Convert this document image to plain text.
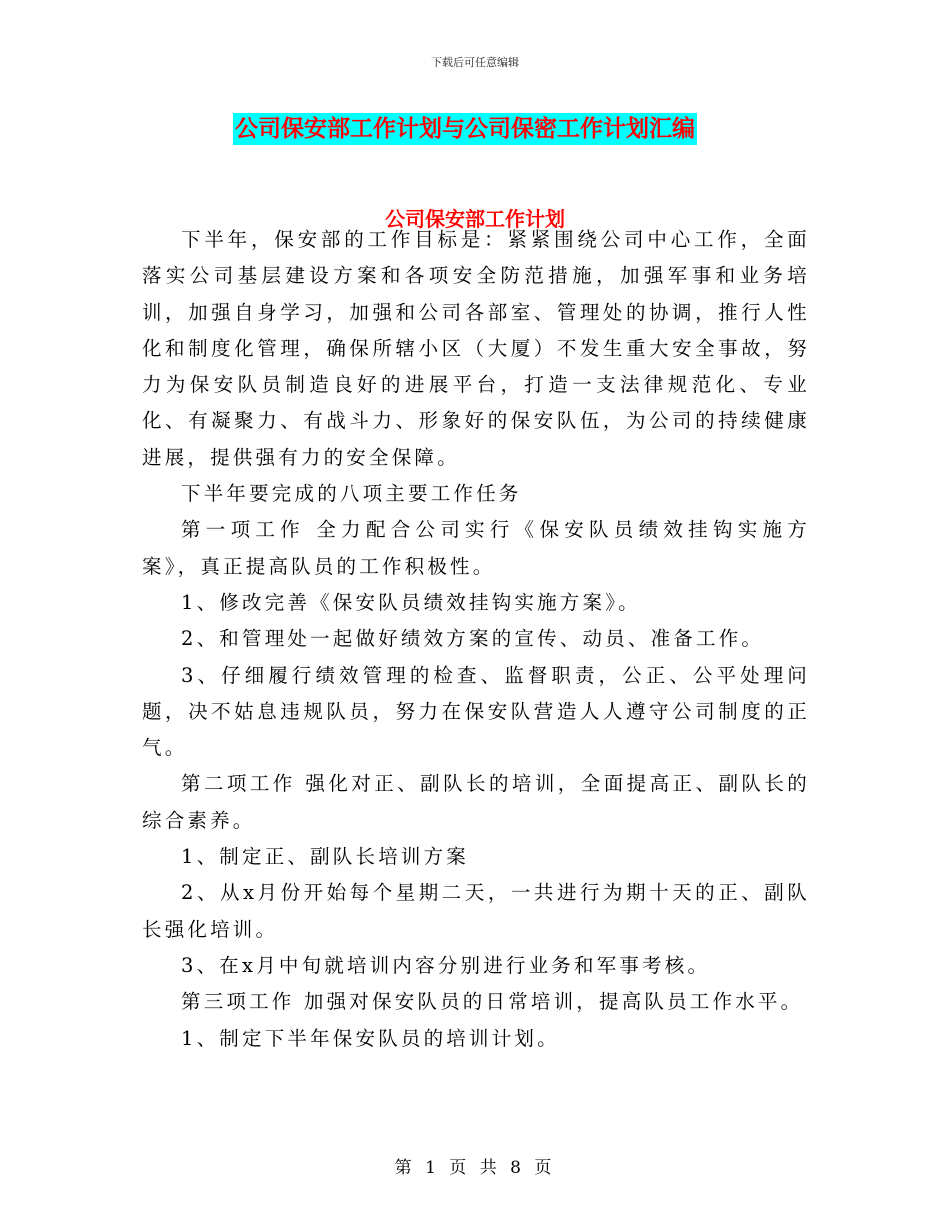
下载后可任意编辑
公司保安部工作计划与公司保密工作计划汇编
公司保安部工作计划

下半年，保安部的工作目标是：紧紧围绕公司中心工作，全面落实公司基层建设方案和各项安全防范措施，加强军事和业务培训，加强自身学习，加强和公司各部室、管理处的协调，推行人性化和制度化管理，确保所辖小区（大厦）不发生重大安全事故，努力为保安队员制造良好的进展平台，打造一支法律规范化、专业化、有凝聚力、有战斗力、形象好的保安队伍，为公司的持续健康进展，提供强有力的安全保障。

下半年要完成的八项主要工作任务

第一项工作 全力配合公司实行《保安队员绩效挂钩实施方案》，真正提高队员的工作积极性。

1、修改完善《保安队员绩效挂钩实施方案》。

2、和管理处一起做好绩效方案的宣传、动员、准备工作。

3、仔细履行绩效管理的检查、监督职责，公正、公平处理问题，决不姑息违规队员，努力在保安队营造人人遵守公司制度的正气。

第二项工作 强化对正、副队长的培训，全面提高正、副队长的综合素养。

1、制定正、副队长培训方案

2、从x月份开始每个星期二天，一共进行为期十天的正、副队长强化培训。

3、在x月中旬就培训内容分别进行业务和军事考核。

第三项工作 加强对保安队员的日常培训，提高队员工作水平。

1、制定下半年保安队员的培训计划。

第 1 页 共 8 页
